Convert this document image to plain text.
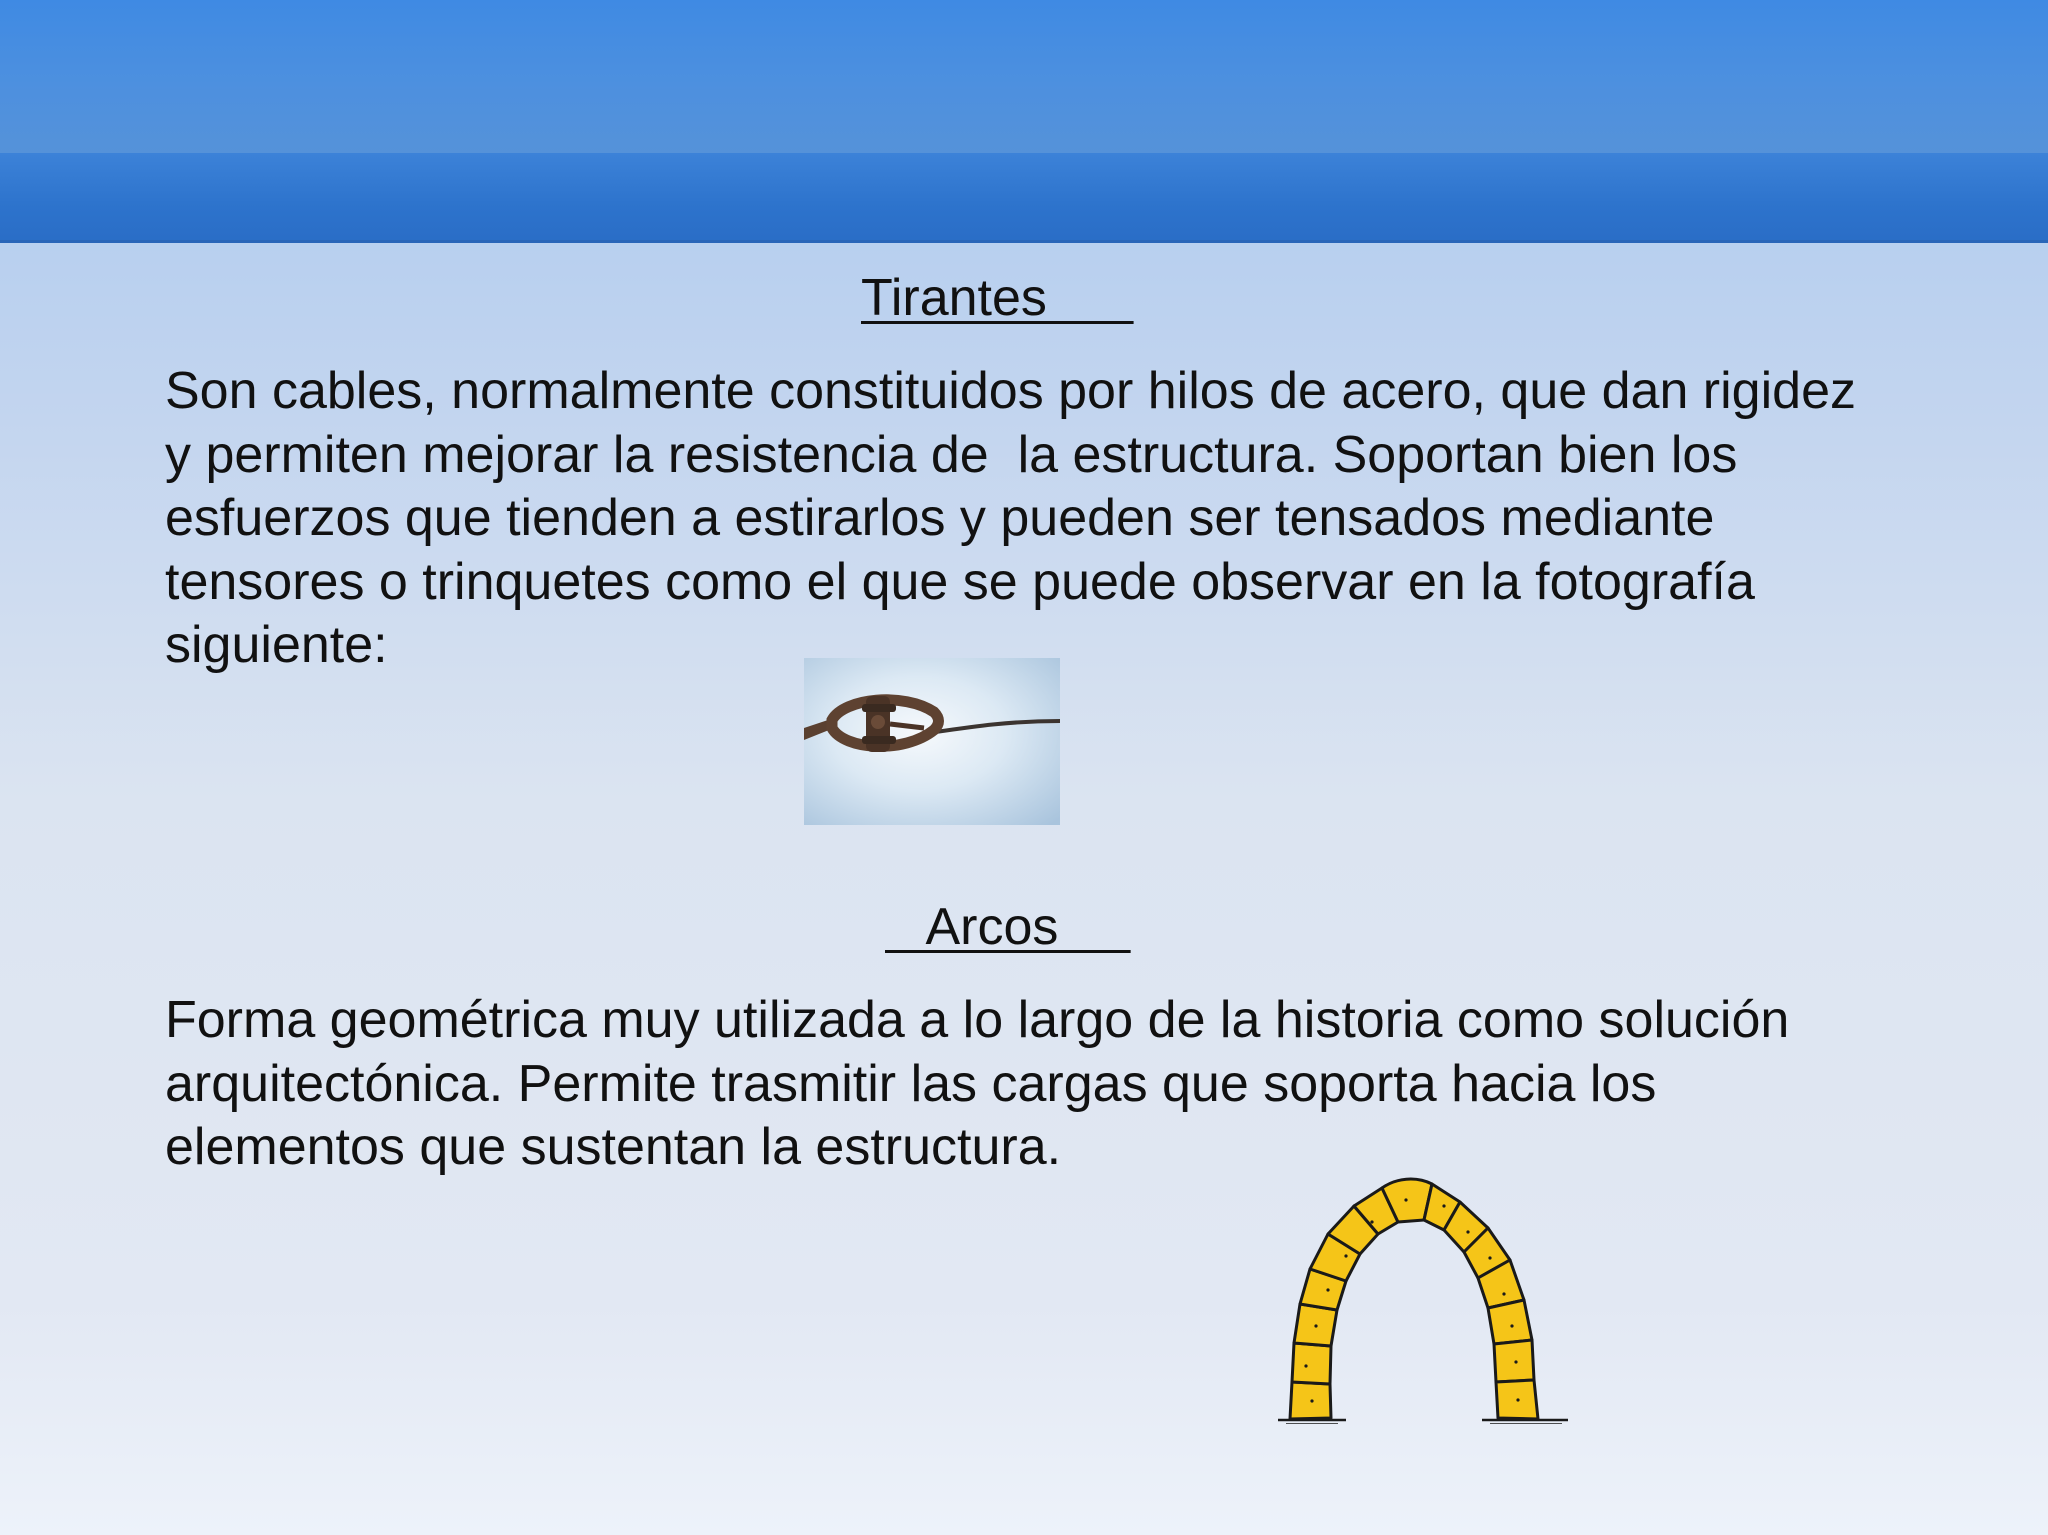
Tirantes
Son cables, normalmente constituidos por hilos de acero, que dan rigidez
y permiten mejorar la resistencia de  la estructura. Soportan bien los
esfuerzos que tienden a estirarlos y pueden ser tensados mediante
tensores o trinquetes como el que se puede observar en la fotografía
siguiente:
Arcos
Forma geométrica muy utilizada a lo largo de la historia como solución
arquitectónica. Permite trasmitir las cargas que soporta hacia los
elementos que sustentan la estructura.
